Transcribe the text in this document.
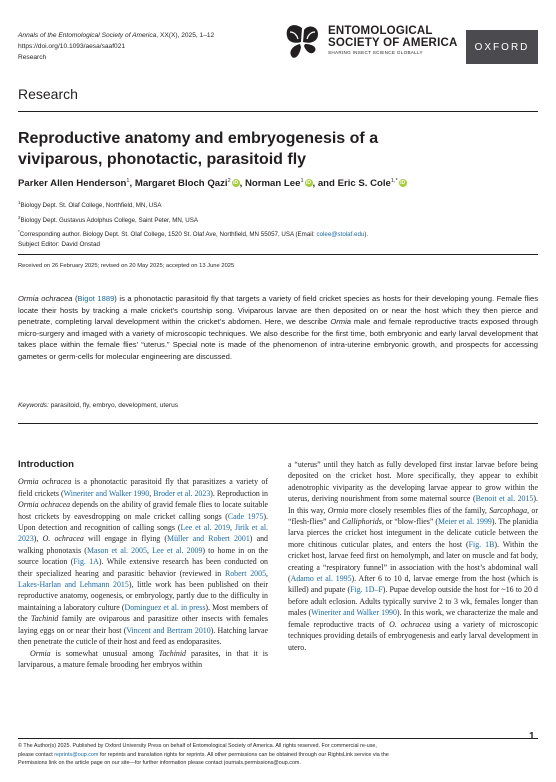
Annals of the Entomological Society of America, XX(X), 2025, 1–12
https://doi.org/10.1093/aesa/saaf021
Research
ENTOMOLOGICAL
SOCIETY OF AMERICA
SHARING INSECT SCIENCE GLOBALLY	OXFORD
Research
Reproductive anatomy and embryogenesis of a
viviparous, phonotactic, parasitoid fly
Parker Allen Henderson$^1$, Margaret Bloch Qazi$^2$ iD , Norman Lee$^1$ iD , and Eric S. Cole$^{1,*}$ iD
$^1$Biology Dept. St. Olaf College, Northfield, MN, USA
$^2$Biology Dept. Gustavus Adolphus College, Saint Peter, MN, USA
*Corresponding author. Biology Dept. St. Olaf College, 1520 St. Olaf Ave, Northfield, MN 55057, USA (Email: colee@stolaf.edu).
Subject Editor: David Onstad
Received on 26 February 2025; revised on 20 May 2025; accepted on 13 June 2025
Ormia ochracea (Bigot 1889) is a phonotactic parasitoid fly that targets a variety of field cricket species as hosts for their developing young. Female flies locate their hosts by tracking a male cricket’s courtship song. Viviparous larvae are then deposited on or near the host which they then pierce and penetrate, completing larval development within the cricket’s abdomen. Here, we describe Ormia male and female reproductive tracts exposed through micro-surgery and imaged with a variety of microscopic techniques. We also describe for the first time, both embryonic and early larval development that takes place within the female flies’ “uterus.” Special note is made of the phenomenon of intra-uterine embryonic growth, and prospects for accessing gametes or germ-cells for molecular engineering are discussed.
Keywords: parasitoid, fly, embryo, development, uterus
Introduction

Ormia ochracea is a phonotactic parasitoid fly that parasitizes a variety of field crickets (Wineriter and Walker 1990, Broder et al. 2023). Reproduction in Ormia ochracea depends on the ability of gravid female flies to locate suitable host crickets by eavesdropping on male cricket calling songs (Cade 1975). Upon detection and recognition of calling songs (Lee et al. 2019, Jirik et al. 2023), O. ochracea will engage in flying (Müller and Robert 2001) and walking phonotaxis (Mason et al. 2005, Lee et al. 2009) to home in on the source location (Fig. 1A). While extensive research has been conducted on their specialized hearing and parasitic behavior (reviewed in Robert 2005, Lakes-Harlan and Lehmann 2015), little work has been published on their reproductive anatomy, oogenesis, or embryology, partly due to the difficulty in maintaining a laboratory culture (Dominguez et al. in press). Most members of the Tachinid family are oviparous and parasitize other insects with females laying eggs on or near their host (Vincent and Bertram 2010). Hatching larvae then penetrate the cuticle of their host and feed as endoparasites.

Ormia is somewhat unusual among Tachinid parasites, in that it is larviparous, a mature female brooding her embryos within

a “uterus” until they hatch as fully developed first instar larvae before being deposited on the cricket host. More specifically, they appear to exhibit adenotrophic viviparity as the developing larvae appear to grow within the uterus, deriving nourishment from some maternal source (Benoit et al. 2015). In this way, Ormia more closely resembles flies of the family, Sarcophaga, or “flesh-flies” and Calliphorids, or “blow-flies” (Meier et al. 1999). The planidia larva pierces the cricket host integument in the delicate cuticle between the more chitinous cuticular plates, and enters the host (Fig. 1B). Within the cricket host, larvae feed first on hemolymph, and later on muscle and fat body, creating a “respiratory funnel” in association with the host’s abdominal wall (Adamo et al. 1995). After 6 to 10 d, larvae emerge from the host (which is killed) and pupate (Fig. 1D–F). Pupae develop outside the host for ~16 to 20 d before adult eclosion. Adults typically survive 2 to 3 wk, females longer than males (Wineriter and Walker 1990). In this work, we characterize the male and female reproductive tracts of O. ochracea using a variety of microscopic techniques providing details of embryogenesis and early larval development in utero.

© The Author(s) 2025. Published by Oxford University Press on behalf of Entomological Society of America. All rights reserved. For commercial re-use,
please contact reprints@oup.com for reprints and translation rights for reprints. All other permissions can be obtained through our RightsLink service via the
Permissions link on the article page on our site—for further information please contact journals.permissions@oup.com.
1
